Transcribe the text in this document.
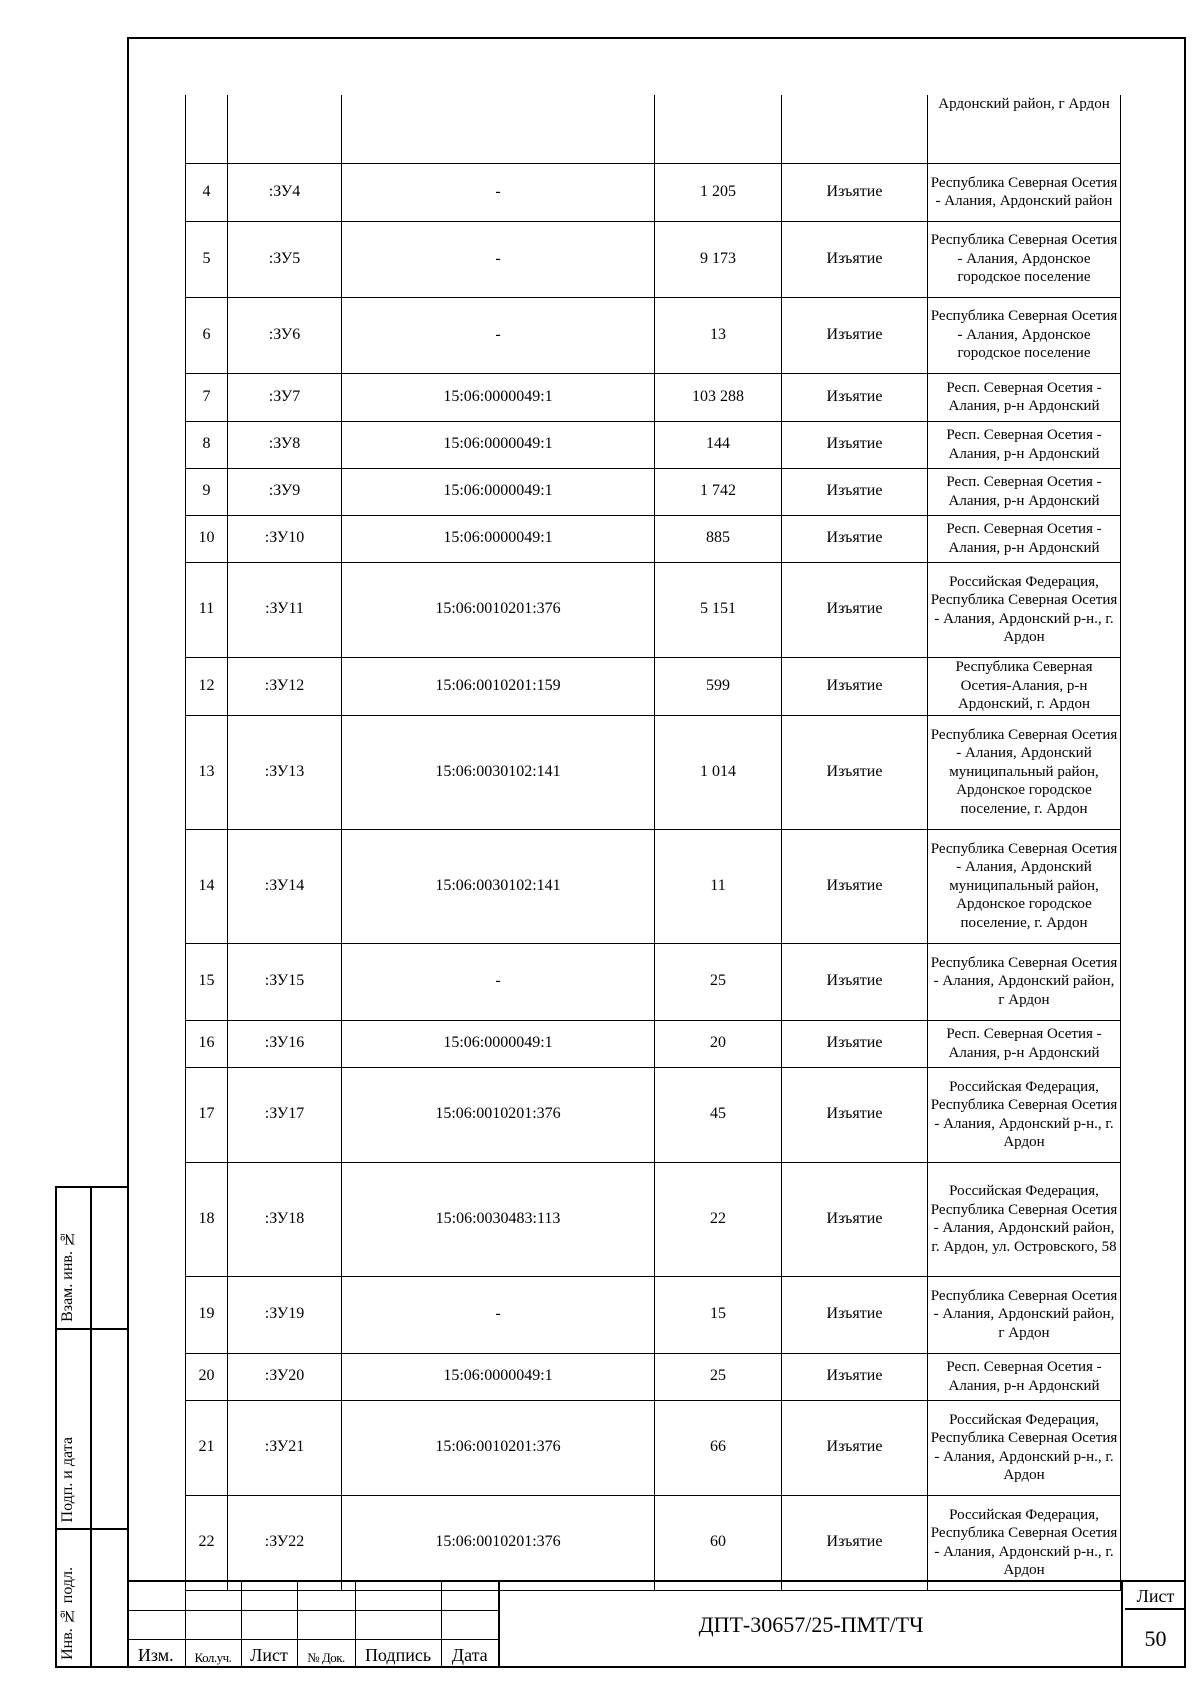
					Ардонский район, г Ардон
4	:ЗУ4	-	1 205	Изъятие	Республика Северная Осетия - Алания, Ардонский район
5	:ЗУ5	-	9 173	Изъятие	Республика Северная Осетия - Алания, Ардонское городское поселение
6	:ЗУ6	-	13	Изъятие	Республика Северная Осетия - Алания, Ардонское городское поселение
7	:ЗУ7	15:06:0000049:1	103 288	Изъятие	Респ. Северная Осетия - Алания, р-н Ардонский
8	:ЗУ8	15:06:0000049:1	144	Изъятие	Респ. Северная Осетия - Алания, р-н Ардонский
9	:ЗУ9	15:06:0000049:1	1 742	Изъятие	Респ. Северная Осетия - Алания, р-н Ардонский
10	:ЗУ10	15:06:0000049:1	885	Изъятие	Респ. Северная Осетия - Алания, р-н Ардонский
11	:ЗУ11	15:06:0010201:376	5 151	Изъятие	Российская Федерация, Республика Северная Осетия - Алания, Ардонский р-н., г. Ардон
12	:ЗУ12	15:06:0010201:159	599	Изъятие	Республика Северная Осетия-Алания, р-н Ардонский, г. Ардон
13	:ЗУ13	15:06:0030102:141	1 014	Изъятие	Республика Северная Осетия - Алания, Ардонский муниципальный район, Ардонское городское поселение, г. Ардон
14	:ЗУ14	15:06:0030102:141	11	Изъятие	Республика Северная Осетия - Алания, Ардонский муниципальный район, Ардонское городское поселение, г. Ардон
15	:ЗУ15	-	25	Изъятие	Республика Северная Осетия - Алания, Ардонский район, г Ардон
16	:ЗУ16	15:06:0000049:1	20	Изъятие	Респ. Северная Осетия - Алания, р-н Ардонский
17	:ЗУ17	15:06:0010201:376	45	Изъятие	Российская Федерация, Республика Северная Осетия - Алания, Ардонский р-н., г. Ардон
18	:ЗУ18	15:06:0030483:113	22	Изъятие	Российская Федерация, Республика Северная Осетия - Алания, Ардонский район, г. Ардон, ул. Островского, 58
19	:ЗУ19	-	15	Изъятие	Республика Северная Осетия - Алания, Ардонский район, г Ардон
20	:ЗУ20	15:06:0000049:1	25	Изъятие	Респ. Северная Осетия - Алания, р-н Ардонский
21	:ЗУ21	15:06:0010201:376	66	Изъятие	Российская Федерация, Республика Северная Осетия - Алания, Ардонский р-н., г. Ардон
22	:ЗУ22	15:06:0010201:376	60	Изъятие	Российская Федерация, Республика Северная Осетия - Алания, Ардонский р-н., г. Ардон
Взам. инв. №
Подп. и дата
Инв. № подл.

						Изм.	Кол.уч.	Лист	№ Док.	Подпись	Дата
ДПТ-30657/25-ПМТ/ТЧ
Лист
50
